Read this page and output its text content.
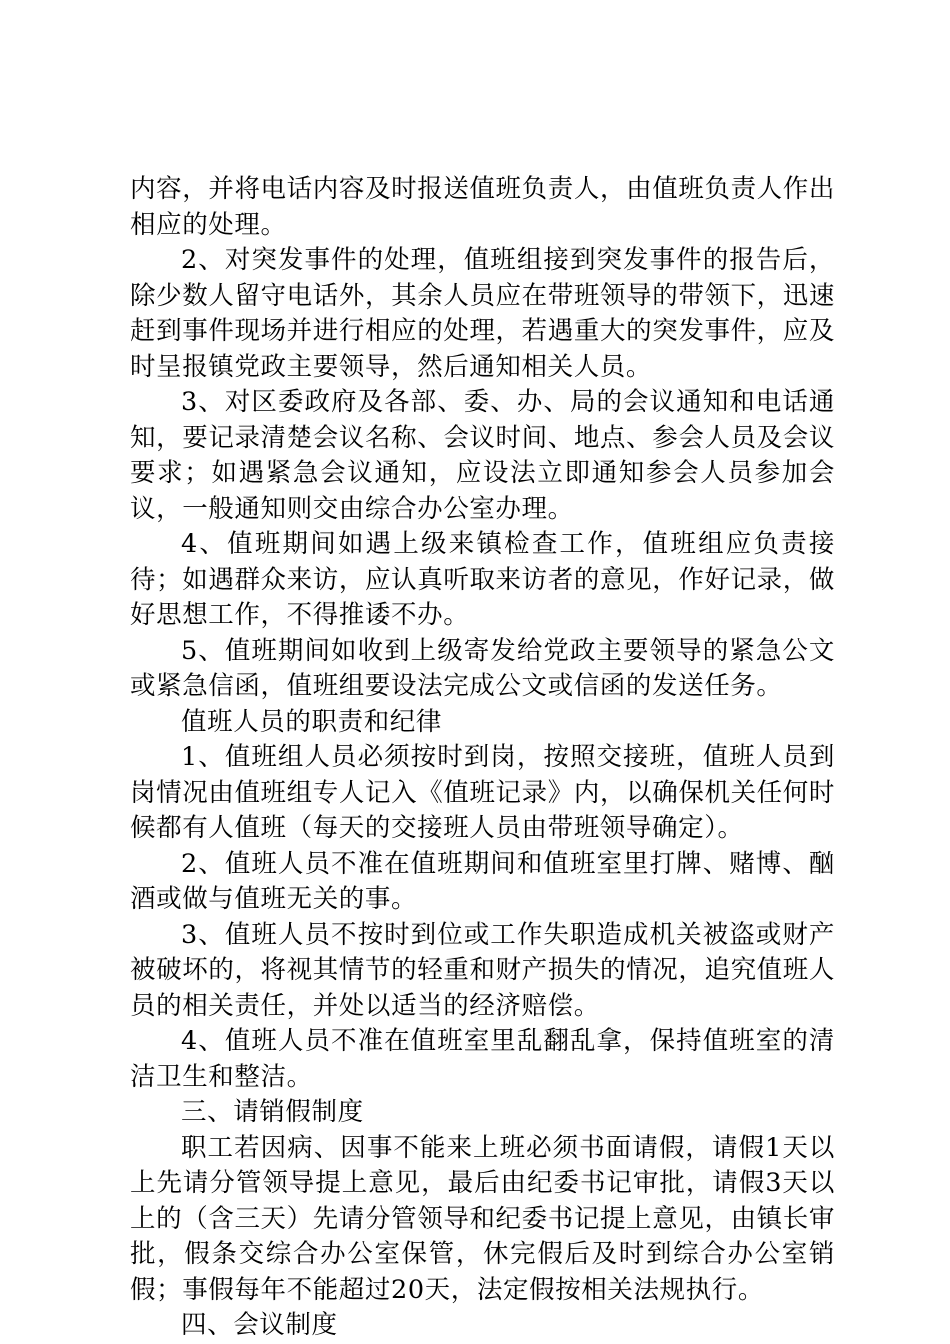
内容，并将电话内容及时报送值班负责人，由值班负责人作出相应的处理。

2、对突发事件的处理，值班组接到突发事件的报告后，除少数人留守电话外，其余人员应在带班领导的带领下，迅速赶到事件现场并进行相应的处理，若遇重大的突发事件，应及时呈报镇党政主要领导，然后通知相关人员。

3、对区委政府及各部、委、办、局的会议通知和电话通知，要记录清楚会议名称、会议时间、地点、参会人员及会议要求；如遇紧急会议通知，应设法立即通知参会人员参加会议，一般通知则交由综合办公室办理。

4、值班期间如遇上级来镇检查工作，值班组应负责接待；如遇群众来访，应认真听取来访者的意见，作好记录，做好思想工作，不得推诿不办。

5、值班期间如收到上级寄发给党政主要领导的紧急公文或紧急信函，值班组要设法完成公文或信函的发送任务。

值班人员的职责和纪律

1、值班组人员必须按时到岗，按照交接班，值班人员到岗情况由值班组专人记入《值班记录》内，以确保机关任何时候都有人值班（每天的交接班人员由带班领导确定）。

2、值班人员不准在值班期间和值班室里打牌、赌博、酗酒或做与值班无关的事。

3、值班人员不按时到位或工作失职造成机关被盗或财产被破坏的，将视其情节的轻重和财产损失的情况，追究值班人员的相关责任，并处以适当的经济赔偿。

4、值班人员不准在值班室里乱翻乱拿，保持值班室的清洁卫生和整洁。

三、请销假制度

职工若因病、因事不能来上班必须书面请假，请假1天以上先请分管领导提上意见，最后由纪委书记审批，请假3天以上的（含三天）先请分管领导和纪委书记提上意见，由镇长审批，假条交综合办公室保管，休完假后及时到综合办公室销假；事假每年不能超过20天，法定假按相关法规执行。

四、会议制度
